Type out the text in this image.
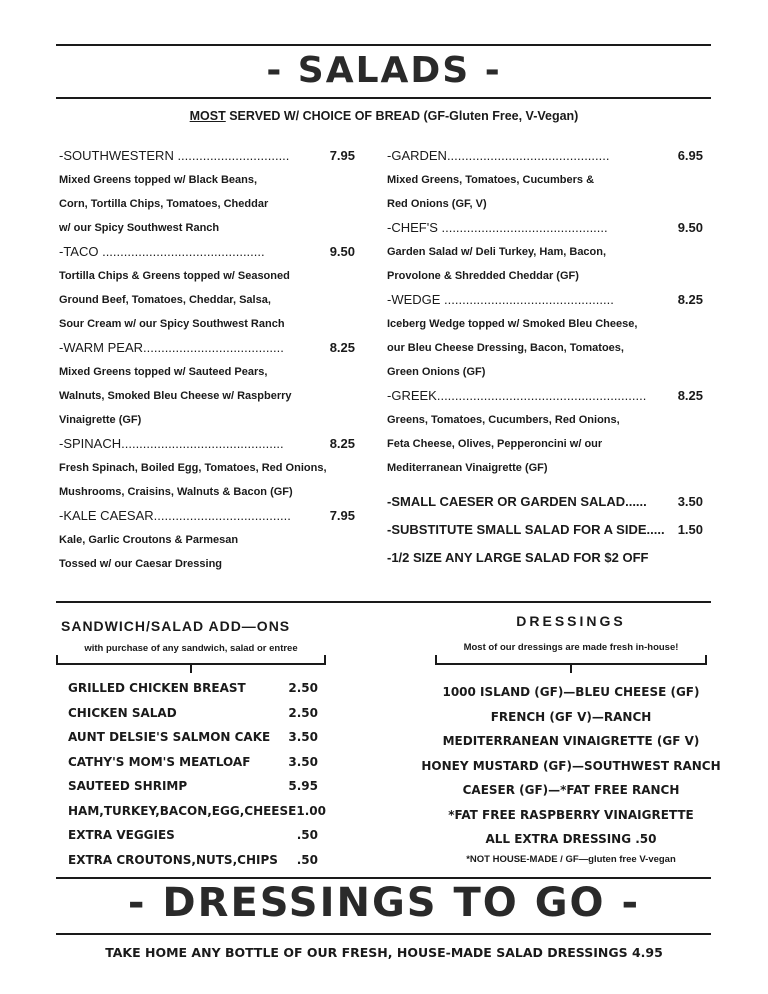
- SALADS -
MOST SERVED W/ CHOICE OF BREAD (GF-Gluten Free, V-Vegan)
-SOUTHWESTERN ...............................	7.95
Mixed Greens topped w/ Black Beans,
Corn, Tortilla Chips, Tomatoes, Cheddar
w/ our Spicy Southwest Ranch
-TACO .............................................	9.50
Tortilla Chips & Greens topped w/ Seasoned
Ground Beef, Tomatoes, Cheddar, Salsa,
Sour Cream w/ our Spicy Southwest Ranch
-WARM PEAR.......................................	8.25
Mixed Greens topped w/ Sauteed Pears,
Walnuts, Smoked Bleu Cheese w/ Raspberry
Vinaigrette (GF)
-SPINACH.............................................	8.25
Fresh Spinach, Boiled Egg, Tomatoes, Red Onions,
Mushrooms, Craisins, Walnuts & Bacon (GF)
-KALE CAESAR......................................	7.95
Kale, Garlic Croutons & Parmesan
Tossed w/ our Caesar Dressing
-GARDEN.............................................	6.95
Mixed Greens, Tomatoes, Cucumbers &
Red Onions (GF, V)
-CHEF'S ..............................................	9.50
Garden Salad w/ Deli Turkey, Ham, Bacon,
Provolone & Shredded Cheddar (GF)
-WEDGE ...............................................	8.25
Iceberg Wedge topped w/ Smoked Bleu Cheese,
our Bleu Cheese Dressing, Bacon, Tomatoes,
Green Onions (GF)
-GREEK.......................................................... 8.25
Greens, Tomatoes, Cucumbers, Red Onions,
Feta Cheese, Olives, Pepperoncini w/ our
Mediterranean Vinaigrette (GF)
-SMALL CAESER OR GARDEN SALAD...... 3.50
-SUBSTITUTE SMALL SALAD FOR A SIDE..... 1.50
-1/2 SIZE ANY LARGE SALAD FOR $2 OFF
SANDWICH/SALAD ADD—ONS
with purchase of any sandwich, salad or entree
GRILLED CHICKEN BREAST	2.50
CHICKEN SALAD	2.50
AUNT DELSIE'S SALMON CAKE	3.50
CATHY'S MOM'S MEATLOAF	3.50
SAUTEED SHRIMP	5.95
HAM,TURKEY,BACON,EGG,CHEESE 1.00
EXTRA VEGGIES	.50
EXTRA CROUTONS,NUTS,CHIPS	.50
DRESSINGS
Most of our dressings are made fresh in-house!
1000 ISLAND (GF)—BLEU CHEESE (GF)
FRENCH (GF V)—RANCH
MEDITERRANEAN VINAIGRETTE (GF V)
HONEY MUSTARD (GF)—SOUTHWEST RANCH
CAESER (GF)—*FAT FREE RANCH
*FAT FREE RASPBERRY VINAIGRETTE
ALL EXTRA DRESSING .50
*NOT HOUSE-MADE / GF—gluten free V-vegan
- DRESSINGS TO GO -
TAKE HOME ANY BOTTLE OF OUR FRESH, HOUSE-MADE SALAD DRESSINGS 4.95
